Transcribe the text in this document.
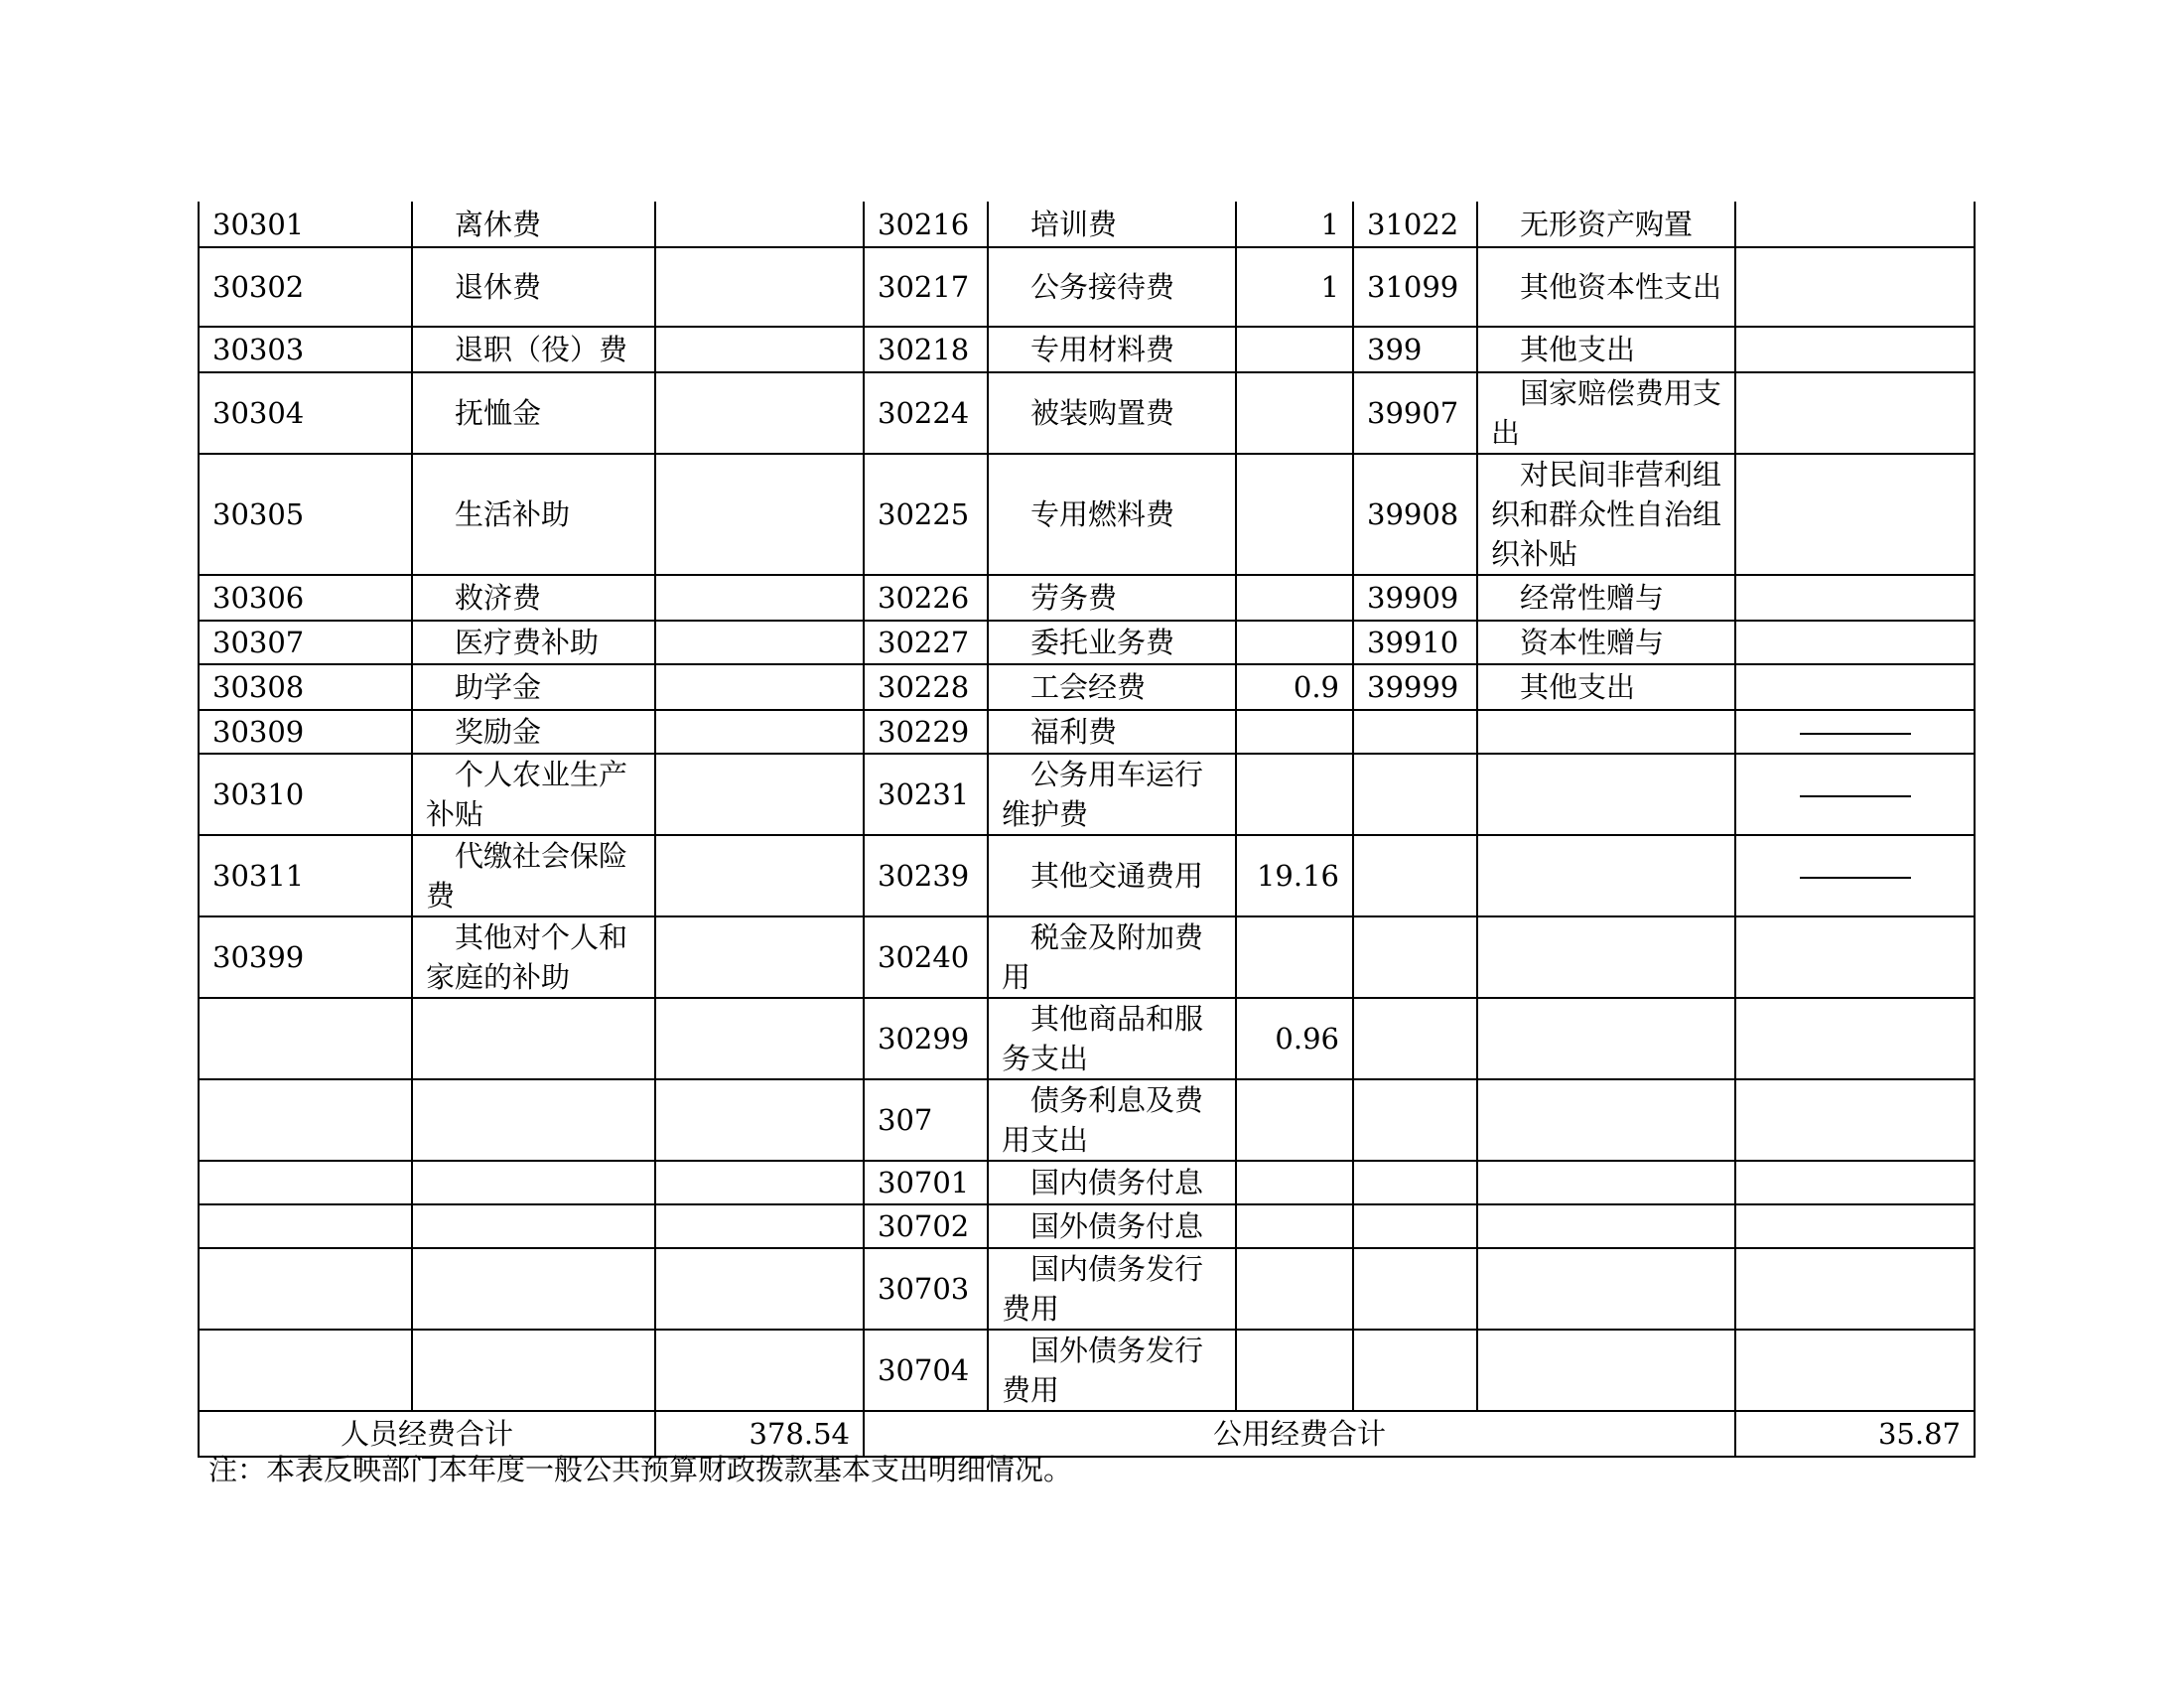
30301	离休费		30216	培训费	1	31022	无形资产购置	
30302	退休费		30217	公务接待费	1	31099	其他资本性支出	
30303	退职（役）费		30218	专用材料费		399	其他支出	
30304	抚恤金		30224	被装购置费		39907	国家赔偿费用支出	
30305	生活补助		30225	专用燃料费		39908	对民间非营利组织和群众性自治组织补贴	
30306	救济费		30226	劳务费		39909	经常性赠与	
30307	医疗费补助		30227	委托业务费		39910	资本性赠与	
30308	助学金		30228	工会经费	0.9	39999	其他支出	
30309	奖励金		30229	福利费				
30310	个人农业生产补贴		30231	公务用车运行维护费				
30311	代缴社会保险费		30239	其他交通费用	19.16			
30399	其他对个人和家庭的补助		30240	税金及附加费用				
			30299	其他商品和服务支出	0.96			
			307	债务利息及费用支出				
			30701	国内债务付息				
			30702	国外债务付息				
			30703	国内债务发行费用				
			30704	国外债务发行费用				
人员经费合计		378.54	公用经费合计					35.87
注：本表反映部门本年度一般公共预算财政拨款基本支出明细情况。
